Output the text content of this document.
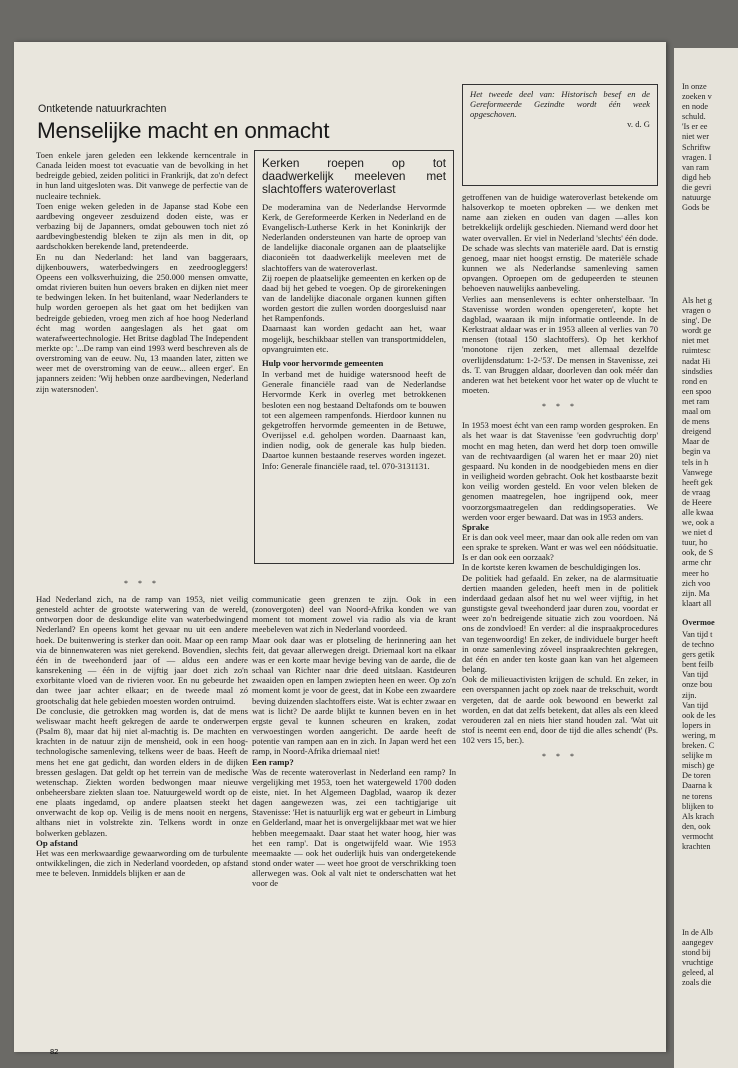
Ontketende natuurkrachten
Menselijke macht en onmacht

Toen enkele jaren geleden een lekkende kerncentrale in Canada leiden moest tot evacuatie van de bevolking in het bedreigde gebied, zeiden politici in Frankrijk, dat zo'n defect in hun land uitgesloten was. Dit vanwege de perfectie van de nucleaire techniek.

Toen enige weken geleden in de Japanse stad Kobe een aardbeving ongeveer zesduizend doden eiste, was er verbazing bij de Japanners, omdat gebouwen toch niet zó aardbevingbestendig bleken te zijn als men in dit, op aardschokken berekende land, pretendeerde.

En nu dan Nederland: het land van baggeraars, dijkenbouwers, waterbedwingers en zeedroogleggers! Opeens een volksverhuizing, die 250.000 mensen omvatte, omdat rivieren buiten hun oevers braken en dijken niet meer te bedwingen leken. In het buitenland, waar Nederlanders te hulp worden geroepen als het gaat om het bedijken van bedreigde gebieden, vroeg men zich af hoe hoog Nederland écht mag worden aangeslagen als het gaat om waterafweertechnologie. Het Britse dagblad The Independent merkte op: '...De ramp van eind 1993 werd beschreven als de overstroming van de eeuw. Nu, 13 maanden later, zitten we weer met de overstroming van de eeuw... alleen erger'. En japanners zeiden: 'Wij hebben onze aardbevingen, Nederland zijn watersnoden'.

* * *
Kerken roepen op tot daadwerkelijk meeleven met slachtoffers wateroverlast

De moderamina van de Nederlandse Hervormde Kerk, de Gereformeerde Kerken in Nederland en de Evangelisch-Lutherse Kerk in het Koninkrijk der Nederlanden ondersteunen van harte de oproep van de landelijke diaconale organen aan de plaatselijke diaconieën tot daadwerkelijk meeleven met de slachtoffers van de wateroverlast.

Zij roepen de plaatselijke gemeenten en kerken op de daad bij het gebed te voegen. Op de girorekeningen van de landelijke diaconale organen kunnen giften worden gestort die zullen worden doorgesluisd naar het Rampenfonds.

Daarnaast kan worden gedacht aan het, waar mogelijk, beschikbaar stellen van transportmiddelen, opvangruimten etc.

Hulp voor hervormde gemeenten

In verband met de huidige watersnood heeft de Generale financiële raad van de Nederlandse Hervormde Kerk in overleg met betrokkenen besloten een nog bestaand Deltafonds om te bouwen tot een algemeen rampenfonds. Hierdoor kunnen nu gekgetroffen hervormde gemeenten in de Betuwe, Overijssel e.d. geholpen worden. Daarnaast kan, indien nodig, ook de generale kas hulp bieden. Daartoe kunnen bestaande reserves worden ingezet. Info: Generale financiële raad, tel. 070-3131131.

Had Nederland zich, na de ramp van 1953, niet veilig genesteld achter de grootste waterwering van de wereld, ontworpen door de deskundige elite van waterbedwingend Nederland? En opeens komt het gevaar nu uit een andere hoek. De buitenwering is sterker dan ooit. Maar op een ramp via de binnenwateren was niet gerekend. Bovendien, slechts één in de tweehonderd jaar of — aldus een andere kansrekening — één in de vijftig jaar doet zich zo'n exorbitante vloed van de rivieren voor. En nu gebeurde het dan twee jaar achter elkaar; en de tweede maal zó grootschalig dat hele gebieden moesten worden ontruimd.

De conclusie, die getrokken mag worden is, dat de mens weliswaar macht heeft gekregen de aarde te onderwerpen (Psalm 8), maar dat hij niet al-machtig is. De machten en krachten in de natuur zijn de mensheid, ook in een hoog-technologische samenleving, telkens weer de baas. Heeft de mens het ene gat gedicht, dan worden elders in de dijken bressen geslagen. Dat geldt op het terrein van de medische wetenschap. Ziekten worden bedwongen maar nieuwe onbeheersbare ziekten slaan toe. Natuurgeweld wordt op de ene plaats ingedamd, op andere plaatsen steekt het onverwacht de kop op. Veilig is de mens nooit en nergens, althans niet in volstrekte zin. Telkens wordt in onze bolwerken geblazen.

Op afstand

Het was een merkwaardige gewaarwording om de turbulente ontwikkelingen, die zich in Nederland voordeden, op afstand mee te beleven. Inmiddels blijken er aan de

communicatie geen grenzen te zijn. Ook in een (zonovergoten) deel van Noord-Afrika konden we van moment tot moment zowel via radio als via de krant meebeleven wat zich in Nederland voordeed.

Maar ook daar was er plotseling de herinnering aan het feit, dat gevaar allerwegen dreigt. Driemaal kort na elkaar was er een korte maar hevige beving van de aarde, die de schaal van Richter naar drie deed uitslaan. Kastdeuren zwaaiden open en lampen zwiepten heen en weer. Op zo'n moment komt je voor de geest, dat in Kobe een zwaardere beving duizenden slachtoffers eiste. Wat is echter zwaar en wat is licht? De aarde blijkt te kunnen beven en in het ergste geval te kunnen scheuren en kraken, zodat verwoestingen worden aangericht. De aarde heeft de potentie van rampen aan en in zich. In Japan werd het een ramp, in Noord-Afrika driemaal niet!

Een ramp?

Was de recente wateroverlast in Nederland een ramp? In vergelijking met 1953, toen het watergeweld 1700 doden eiste, niet. In het Algemeen Dagblad, waarop ik dezer dagen aangewezen was, zei een tachtigjarige uit Stavenisse: 'Het is natuurlijk erg wat er gebeurt in Limburg en Gelderland, maar het is onvergelijkbaar met wat we hier hebben meegemaakt. Daar staat het water hoog, hier was het een ramp'. Dat is ongetwijfeld waar. Wie 1953 meemaakte — ook het ouderlijk huis van ondergetekende stond onder water — weet hoe groot de verschrikking toen allerwegen was. Ook al valt niet te onderschatten wat het voor de

Het tweede deel van: Historisch besef en de Gereformeerde Gezindte wordt één week opgeschoven.

v. d. G

getroffenen van de huidige wateroverlast betekende om halsoverkop te moeten opbreken — we denken met name aan zieken en ouden van dagen —alles kon betrekkelijk ordelijk geschieden. Niemand werd door het water overvallen. Er viel in Nederland 'slechts' één dode. De schade was slechts van materiële aard. Dat is ernstig genoeg, maar niet hoogst ernstig. De materiële schade kunnen we als Nederlandse samenleving samen opvangen. Oproepen om de gedupeerden te steunen behoeven nauwelijks aanbeveling.

Verlies aan mensenlevens is echter onherstelbaar. 'In Stavenisse worden wonden opengereten', kopte het dagblad, waaraan ik mijn informatie ontleende. In de Kerkstraat aldaar was er in 1953 alleen al verlies van 70 mensen (totaal 150 slachtoffers). Op het kerkhof 'monotone rijen zerken, met allemaal dezelfde overlijdensdatum: 1-2-'53'. De mensen in Stavenisse, zei ds. T. van Bruggen aldaar, doorleven dan ook méér dan anderen wat het betekent voor het water op de vlucht te moeten.

* * *

In 1953 moest écht van een ramp worden gesproken. En als het waar is dat Stavenisse 'een godvruchtig dorp' mocht en mag heten, dan werd het dorp toen omwille van de rechtvaardigen (al waren het er maar 20) niet gespaard. Nu konden in de noodgebieden mens en dier in veiligheid worden gebracht. Ook het kostbaarste bezit kon veilig worden gesteld. En voor velen bleken de genomen maatregelen, hoe ingrijpend ook, meer voorzorgsmaatregelen dan reddingsoperaties. We werden voor erger bewaard. Dat was in 1953 anders.

Sprake

Er is dan ook veel meer, maar dan ook alle reden om van een sprake te spreken. Want er was wel een nóódsituatie. Is er dan ook een oorzaak?

In de kortste keren kwamen de beschuldigingen los.

De politiek had gefaald. En zeker, na de alarmsituatie dertien maanden geleden, heeft men in de politiek inderdaad gedaan alsof het nu wel weer vijftig, in het gunstigste geval tweehonderd jaar duren zou, voordat er weer zo'n bedreigende situatie zich zou voordoen. Ná ons de zondvloed! En verder: al die inspraakprocedures van tegenwoordig! En zeker, de individuele burger heeft in onze samenleving zóveel inspraakrechten gekregen, dat één en ander ten koste gaan kan van het algemeen belang.

Ook de milieuactivisten krijgen de schuld. En zeker, in een overspannen jacht op zoek naar de trekschuit, wordt vergeten, dat de aarde ook bewoond en bewerkt zal worden, en dat dat zelfs betekent, dat alles als een kleed verouderen zal en niets hier stand houden zal. 'Wat uit stof is neemt een end, door de tijd die alles schendt' (Ps. 102 vers 15, ber.).

* * *
82
In onze
zoeken v
en node
schuld.
'Is er ee
niet wer
Schriftw
vragen. I
van ram
digd heb
die gevri
natuurge
Gods be
Als het g
vragen o
sing'. De
wordt ge
niet met
ruimtesc
nadat Hi
sindsdies
rond en
een spoo
met ram
maal om
de mens
dreigend
Maar de
begin va
tels in h
Vanwege
heeft gek
de vraag
de Heere
alle kwaa
we, ook a
we niet d
tuur, ho
ook, de S
arme chr
meer ho
zich voo
zijn. Ma
klaart all
Overmoe
Van tijd t
de techno
gers getik
bent feilb
Van tijd
onze bou
zijn.
Van tijd
ook de les
lopers in
wering, m
breken. C
selijke m
misch) ge
De toren
Daarna k
ne torens
blijken to
Als krach
den, ook
vermocht
krachten
In de Alb
aangegev
stond bij
vruchtige
geleed, al
zoals die
